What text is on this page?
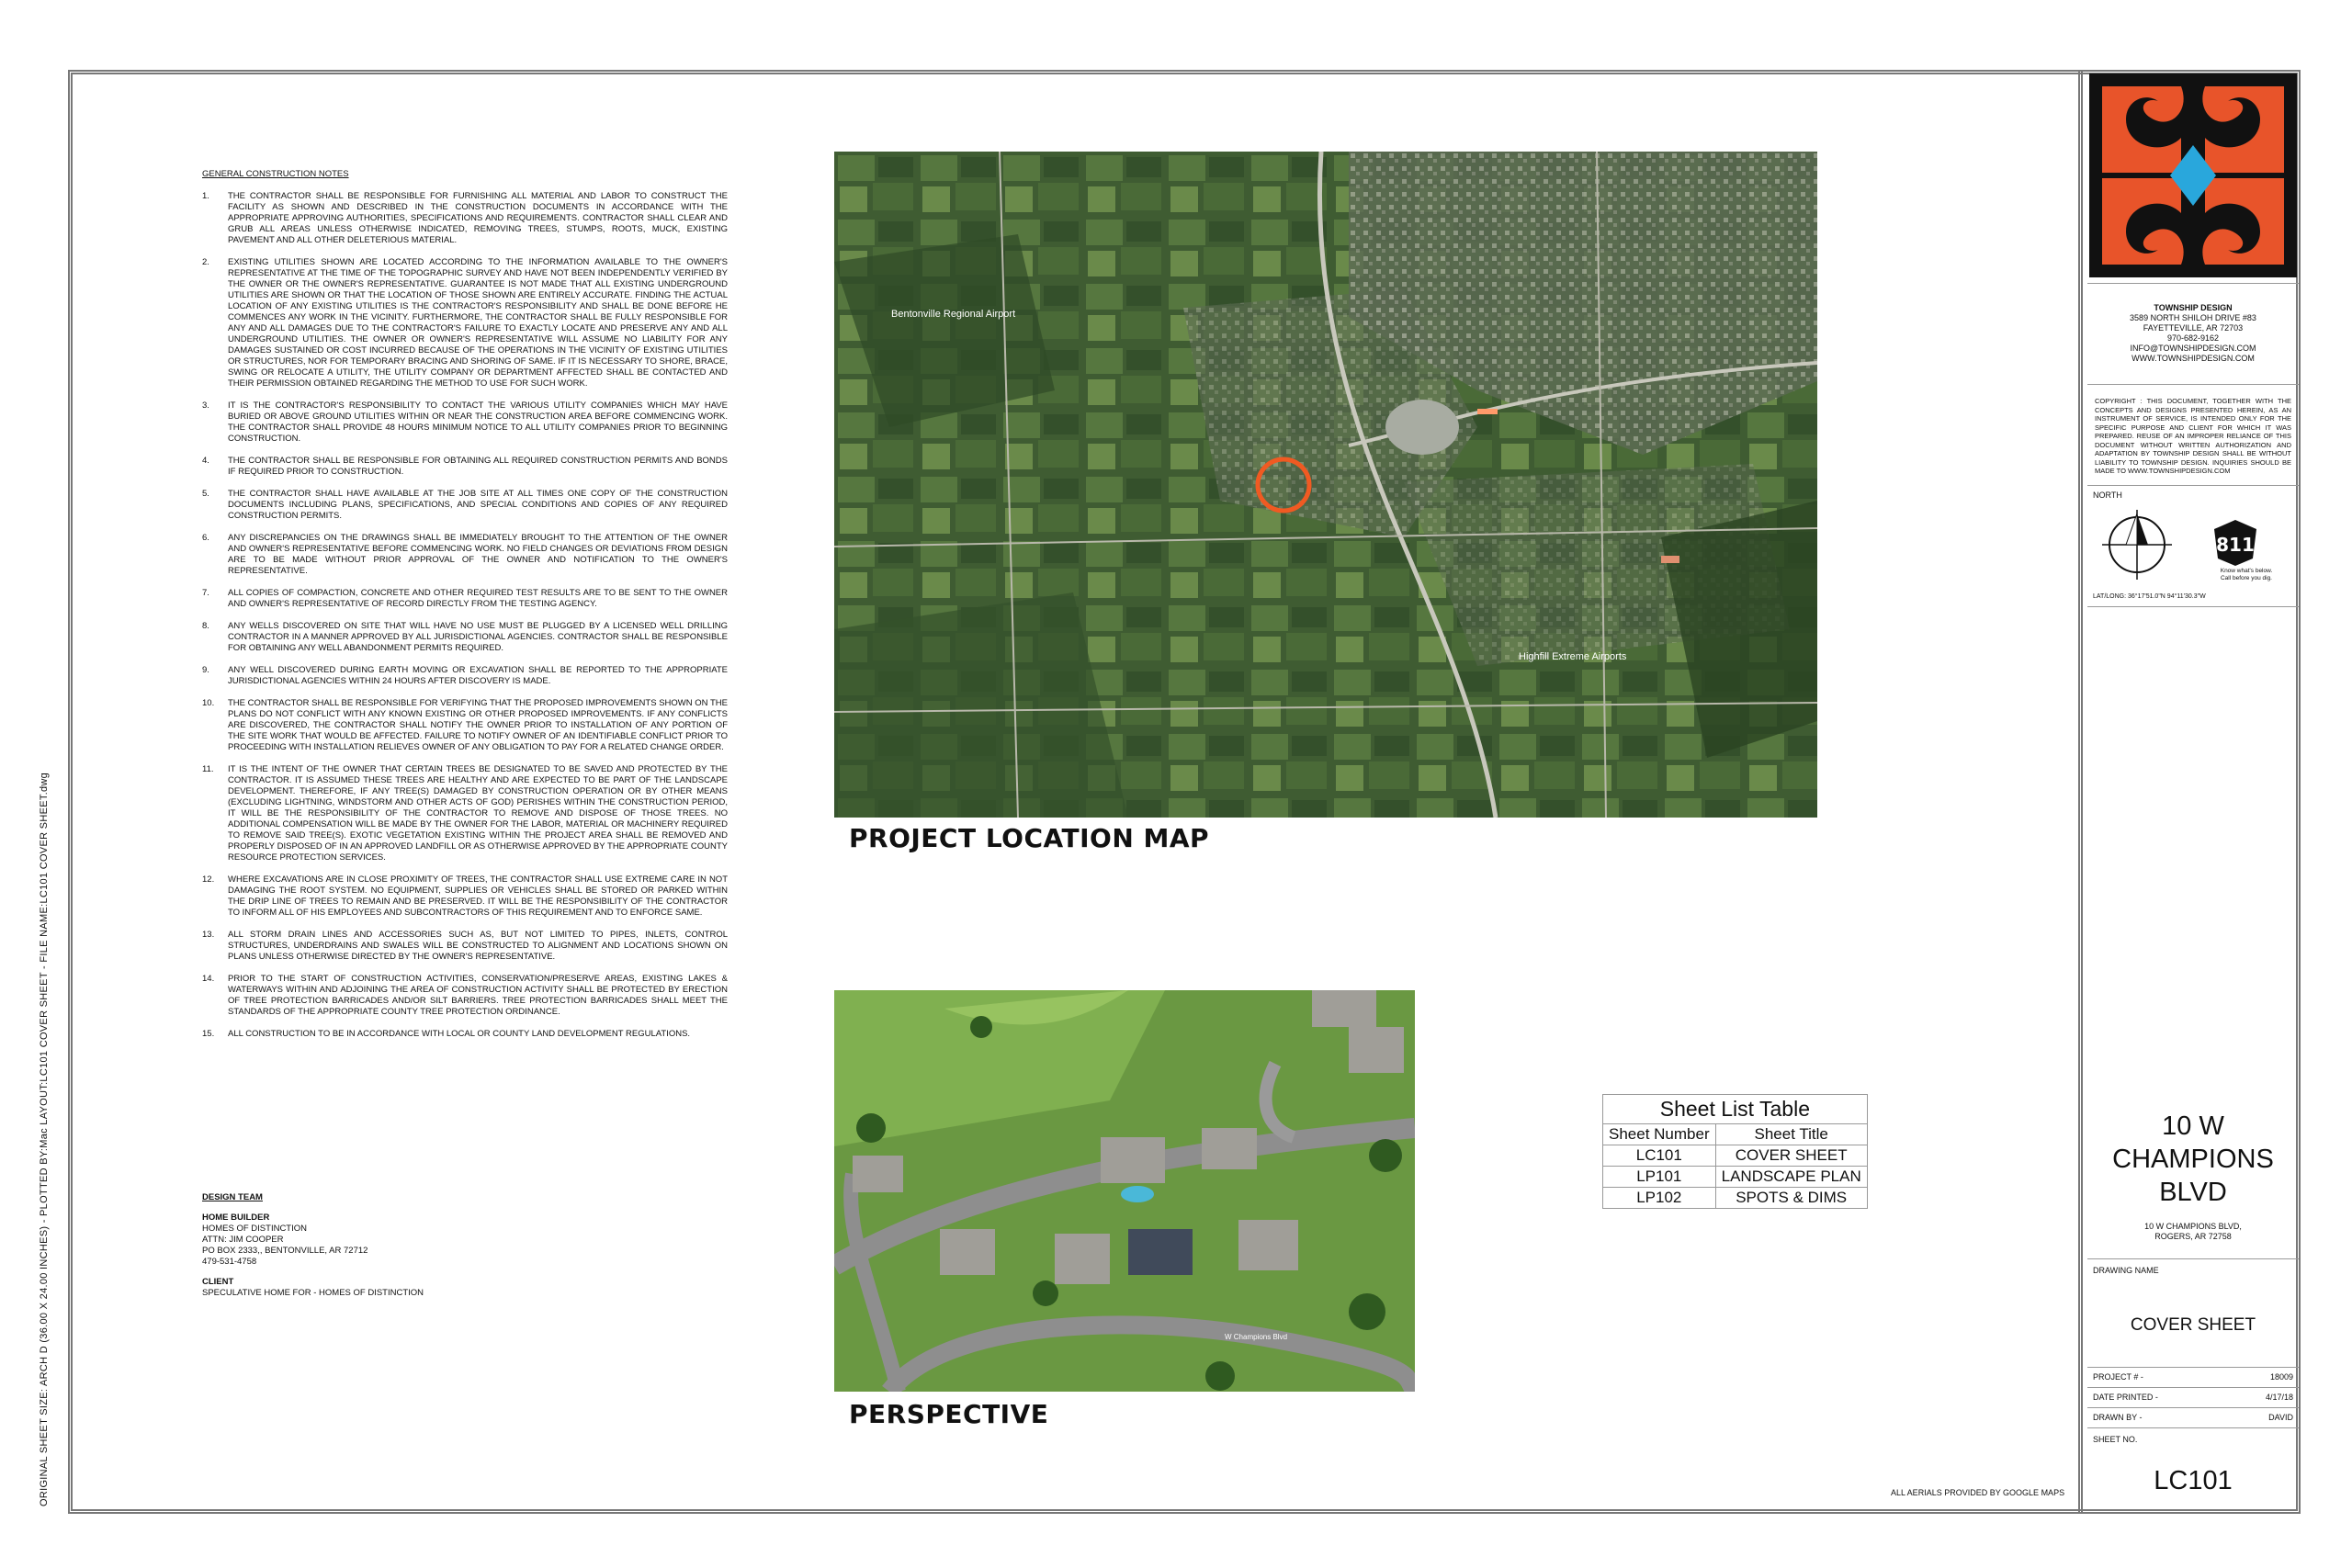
ORIGINAL SHEET SIZE: ARCH D (36.00 X 24.00 INCHES) - PLOTTED BY:Mac LAYOUT:LC101 COVER SHEET - FILE NAME:LC101 COVER SHEET.dwg
GENERAL CONSTRUCTION NOTES
1.	THE CONTRACTOR SHALL BE RESPONSIBLE FOR FURNISHING ALL MATERIAL AND LABOR TO CONSTRUCT THE FACILITY AS SHOWN AND DESCRIBED IN THE CONSTRUCTION DOCUMENTS IN ACCORDANCE WITH THE APPROPRIATE APPROVING AUTHORITIES, SPECIFICATIONS AND REQUIREMENTS. CONTRACTOR SHALL CLEAR AND GRUB ALL AREAS UNLESS OTHERWISE INDICATED, REMOVING TREES, STUMPS, ROOTS, MUCK, EXISTING PAVEMENT AND ALL OTHER DELETERIOUS MATERIAL.
2.	EXISTING UTILITIES SHOWN ARE LOCATED ACCORDING TO THE INFORMATION AVAILABLE TO THE OWNER'S REPRESENTATIVE AT THE TIME OF THE TOPOGRAPHIC SURVEY AND HAVE NOT BEEN INDEPENDENTLY VERIFIED BY THE OWNER OR THE OWNER'S REPRESENTATIVE. GUARANTEE IS NOT MADE THAT ALL EXISTING UNDERGROUND UTILITIES ARE SHOWN OR THAT THE LOCATION OF THOSE SHOWN ARE ENTIRELY ACCURATE. FINDING THE ACTUAL LOCATION OF ANY EXISTING UTILITIES IS THE CONTRACTOR'S RESPONSIBILITY AND SHALL BE DONE BEFORE HE COMMENCES ANY WORK IN THE VICINITY. FURTHERMORE, THE CONTRACTOR SHALL BE FULLY RESPONSIBLE FOR ANY AND ALL DAMAGES DUE TO THE CONTRACTOR'S FAILURE TO EXACTLY LOCATE AND PRESERVE ANY AND ALL UNDERGROUND UTILITIES. THE OWNER OR OWNER'S REPRESENTATIVE WILL ASSUME NO LIABILITY FOR ANY DAMAGES SUSTAINED OR COST INCURRED BECAUSE OF THE OPERATIONS IN THE VICINITY OF EXISTING UTILITIES OR STRUCTURES, NOR FOR TEMPORARY BRACING AND SHORING OF SAME. IF IT IS NECESSARY TO SHORE, BRACE, SWING OR RELOCATE A UTILITY, THE UTILITY COMPANY OR DEPARTMENT AFFECTED SHALL BE CONTACTED AND THEIR PERMISSION OBTAINED REGARDING THE METHOD TO USE FOR SUCH WORK.
3.	IT IS THE CONTRACTOR'S RESPONSIBILITY TO CONTACT THE VARIOUS UTILITY COMPANIES WHICH MAY HAVE BURIED OR ABOVE GROUND UTILITIES WITHIN OR NEAR THE CONSTRUCTION AREA BEFORE COMMENCING WORK. THE CONTRACTOR SHALL PROVIDE 48 HOURS MINIMUM NOTICE TO ALL UTILITY COMPANIES PRIOR TO BEGINNING CONSTRUCTION.
4.	THE CONTRACTOR SHALL BE RESPONSIBLE FOR OBTAINING ALL REQUIRED CONSTRUCTION PERMITS AND BONDS IF REQUIRED PRIOR TO CONSTRUCTION.
5.	THE CONTRACTOR SHALL HAVE AVAILABLE AT THE JOB SITE AT ALL TIMES ONE COPY OF THE CONSTRUCTION DOCUMENTS INCLUDING PLANS, SPECIFICATIONS, AND SPECIAL CONDITIONS AND COPIES OF ANY REQUIRED CONSTRUCTION PERMITS.
6.	ANY DISCREPANCIES ON THE DRAWINGS SHALL BE IMMEDIATELY BROUGHT TO THE ATTENTION OF THE OWNER AND OWNER'S REPRESENTATIVE BEFORE COMMENCING WORK. NO FIELD CHANGES OR DEVIATIONS FROM DESIGN ARE TO BE MADE WITHOUT PRIOR APPROVAL OF THE OWNER AND NOTIFICATION TO THE OWNER'S REPRESENTATIVE.
7.	ALL COPIES OF COMPACTION, CONCRETE AND OTHER REQUIRED TEST RESULTS ARE TO BE SENT TO THE OWNER AND OWNER'S REPRESENTATIVE OF RECORD DIRECTLY FROM THE TESTING AGENCY.
8.	ANY WELLS DISCOVERED ON SITE THAT WILL HAVE NO USE MUST BE PLUGGED BY A LICENSED WELL DRILLING CONTRACTOR IN A MANNER APPROVED BY ALL JURISDICTIONAL AGENCIES. CONTRACTOR SHALL BE RESPONSIBLE FOR OBTAINING ANY WELL ABANDONMENT PERMITS REQUIRED.
9.	ANY WELL DISCOVERED DURING EARTH MOVING OR EXCAVATION SHALL BE REPORTED TO THE APPROPRIATE JURISDICTIONAL AGENCIES WITHIN 24 HOURS AFTER DISCOVERY IS MADE.
10.	THE CONTRACTOR SHALL BE RESPONSIBLE FOR VERIFYING THAT THE PROPOSED IMPROVEMENTS SHOWN ON THE PLANS DO NOT CONFLICT WITH ANY KNOWN EXISTING OR OTHER PROPOSED IMPROVEMENTS. IF ANY CONFLICTS ARE DISCOVERED, THE CONTRACTOR SHALL NOTIFY THE OWNER PRIOR TO INSTALLATION OF ANY PORTION OF THE SITE WORK THAT WOULD BE AFFECTED. FAILURE TO NOTIFY OWNER OF AN IDENTIFIABLE CONFLICT PRIOR TO PROCEEDING WITH INSTALLATION RELIEVES OWNER OF ANY OBLIGATION TO PAY FOR A RELATED CHANGE ORDER.
11.	IT IS THE INTENT OF THE OWNER THAT CERTAIN TREES BE DESIGNATED TO BE SAVED AND PROTECTED BY THE CONTRACTOR. IT IS ASSUMED THESE TREES ARE HEALTHY AND ARE EXPECTED TO BE PART OF THE LANDSCAPE DEVELOPMENT. THEREFORE, IF ANY TREE(S) DAMAGED BY CONSTRUCTION OPERATION OR BY OTHER MEANS (EXCLUDING LIGHTNING, WINDSTORM AND OTHER ACTS OF GOD) PERISHES WITHIN THE CONSTRUCTION PERIOD, IT WILL BE THE RESPONSIBILITY OF THE CONTRACTOR TO REMOVE AND DISPOSE OF THOSE TREES. NO ADDITIONAL COMPENSATION WILL BE MADE BY THE OWNER FOR THE LABOR, MATERIAL OR MACHINERY REQUIRED TO REMOVE SAID TREE(S). EXOTIC VEGETATION EXISTING WITHIN THE PROJECT AREA SHALL BE REMOVED AND PROPERLY DISPOSED OF IN AN APPROVED LANDFILL OR AS OTHERWISE APPROVED BY THE APPROPRIATE COUNTY RESOURCE PROTECTION SERVICES.
12.	WHERE EXCAVATIONS ARE IN CLOSE PROXIMITY OF TREES, THE CONTRACTOR SHALL USE EXTREME CARE IN NOT DAMAGING THE ROOT SYSTEM. NO EQUIPMENT, SUPPLIES OR VEHICLES SHALL BE STORED OR PARKED WITHIN THE DRIP LINE OF TREES TO REMAIN AND BE PRESERVED. IT WILL BE THE RESPONSIBILITY OF THE CONTRACTOR TO INFORM ALL OF HIS EMPLOYEES AND SUBCONTRACTORS OF THIS REQUIREMENT AND TO ENFORCE SAME.
13.	ALL STORM DRAIN LINES AND ACCESSORIES SUCH AS, BUT NOT LIMITED TO PIPES, INLETS, CONTROL STRUCTURES, UNDERDRAINS AND SWALES WILL BE CONSTRUCTED TO ALIGNMENT AND LOCATIONS SHOWN ON PLANS UNLESS OTHERWISE DIRECTED BY THE OWNER'S REPRESENTATIVE.
14.	PRIOR TO THE START OF CONSTRUCTION ACTIVITIES, CONSERVATION/PRESERVE AREAS, EXISTING LAKES & WATERWAYS WITHIN AND ADJOINING THE AREA OF CONSTRUCTION ACTIVITY SHALL BE PROTECTED BY ERECTION OF TREE PROTECTION BARRICADES AND/OR SILT BARRIERS. TREE PROTECTION BARRICADES SHALL MEET THE STANDARDS OF THE APPROPRIATE COUNTY TREE PROTECTION ORDINANCE.
15.	ALL CONSTRUCTION TO BE IN ACCORDANCE WITH LOCAL OR COUNTY LAND DEVELOPMENT REGULATIONS.
DESIGN TEAM
HOME BUILDER
HOMES OF DISTINCTION
ATTN: JIM COOPER
PO BOX 2333,, BENTONVILLE, AR 72712
479-531-4758
CLIENT
SPECULATIVE HOME FOR - HOMES OF DISTINCTION
Highfill Extreme Airports
Bentonville Regional Airport
PROJECT LOCATION MAP
W Champions Blvd
PERSPECTIVE
ALL AERIALS PROVIDED BY GOOGLE MAPS
Sheet List Table
Sheet Number	Sheet Title
LC101	COVER SHEET
LP101	LANDSCAPE PLAN
LP102	SPOTS & DIMS
TOWNSHIP DESIGN
3589 NORTH SHILOH DRIVE #83
FAYETTEVILLE, AR 72703
970-682-9162
INFO@TOWNSHIPDESIGN.COM
WWW.TOWNSHIPDESIGN.COM
COPYRIGHT : THIS DOCUMENT, TOGETHER WITH THE CONCEPTS AND DESIGNS PRESENTED HEREIN, AS AN INSTRUMENT OF SERVICE, IS INTENDED ONLY FOR THE SPECIFIC PURPOSE AND CLIENT FOR WHICH IT WAS PREPARED. REUSE OF AN IMPROPER RELIANCE OF THIS DOCUMENT WITHOUT WRITTEN AUTHORIZATION AND ADAPTATION BY TOWNSHIP DESIGN SHALL BE WITHOUT LIABILITY TO TOWNSHIP DESIGN. INQUIRIES SHOULD BE MADE TO WWW.TOWNSHIPDESIGN.COM
NORTH
811
Know what's below.
Call before you dig.
LAT/LONG: 36°17'51.0"N 94°11'30.3"W
10 W
CHAMPIONS
BLVD
10 W CHAMPIONS BLVD,
ROGERS, AR 72758
DRAWING NAME
COVER SHEET
PROJECT # -	18009
DATE PRINTED -	4/17/18
DRAWN BY -	DAVID
SHEET NO.
LC101
